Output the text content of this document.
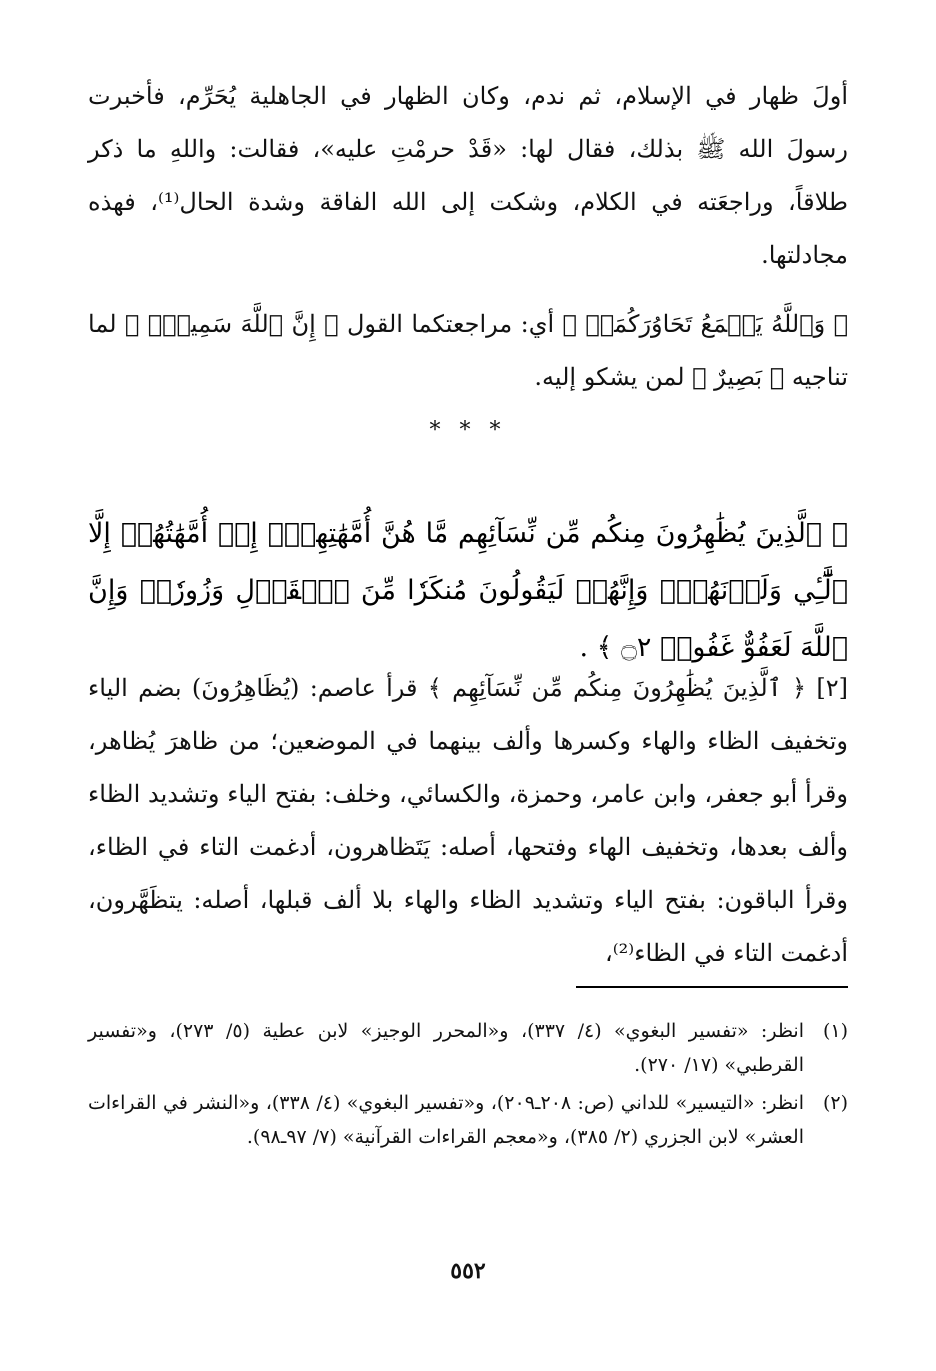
أولَ ظهار في الإسلام، ثم ندم، وكان الظهار في الجاهلية يُحَرِّم، فأخبرت رسولَ الله ﷺ بذلك، فقال لها: «قَدْ حرمْتِ عليه»، فقالت: واللهِ ما ذكر طلاقاً، وراجعَته في الكلام، وشكت إلى الله الفاقة وشدة الحال⁽¹⁾، فهذه مجادلتها.

﴿ وَٱللَّهُ يَسۡمَعُ تَحَاوُرَكُمَآۚ ﴾ أي: مراجعتكما القول ﴿ إِنَّ ٱللَّهَ سَمِيعُۢ ﴾ لما تناجيه ﴿ بَصِيرٌ ﴾ لمن يشكو إليه.

* * *

﴿ ٱلَّذِينَ يُظَٰهِرُونَ مِنكُم مِّن نِّسَآئِهِم مَّا هُنَّ أُمَّهَٰتِهِمۡۖ إِنۡ أُمَّهَٰتُهُمۡ إِلَّا ٱلَّٰٓـِٔي وَلَدۡنَهُمۡۚ وَإِنَّهُمۡ لَيَقُولُونَ مُنكَرٗا مِّنَ ٱلۡقَوۡلِ وَزُورٗاۚ وَإِنَّ ٱللَّهَ لَعَفُوٌّ غَفُورٞ ۝٢ ﴾ .

[٢] ﴿ ٱلَّذِينَ يُظَٰهِرُونَ مِنكُم مِّن نِّسَآئِهِم ﴾ قرأ عاصم: (يُظَاهِرُونَ) بضم الياء وتخفيف الظاء والهاء وكسرها وألف بينهما في الموضعين؛ من ظاهرَ يُظاهر، وقرأ أبو جعفر، وابن عامر، وحمزة، والكسائي، وخلف: بفتح الياء وتشديد الظاء وألف بعدها، وتخفيف الهاء وفتحها، أصله: يَتَظاهرون، أدغمت التاء في الظاء، وقرأ الباقون: بفتح الياء وتشديد الظاء والهاء بلا ألف قبلها، أصله: يتظَهَّرون، أدغمت التاء في الظاء⁽²⁾،

(١)
انظر: «تفسير البغوي» (٤/ ٣٣٧)، و«المحرر الوجيز» لابن عطية (٥/ ٢٧٣)، و«تفسير القرطبي» (١٧/ ٢٧٠).
(٢)
انظر: «التيسير» للداني (ص: ٢٠٨ـ٢٠٩)، و«تفسير البغوي» (٤/ ٣٣٨)، و«النشر في القراءات العشر» لابن الجزري (٢/ ٣٨٥)، و«معجم القراءات القرآنية» (٧/ ٩٧ـ٩٨).
٥٥٢
